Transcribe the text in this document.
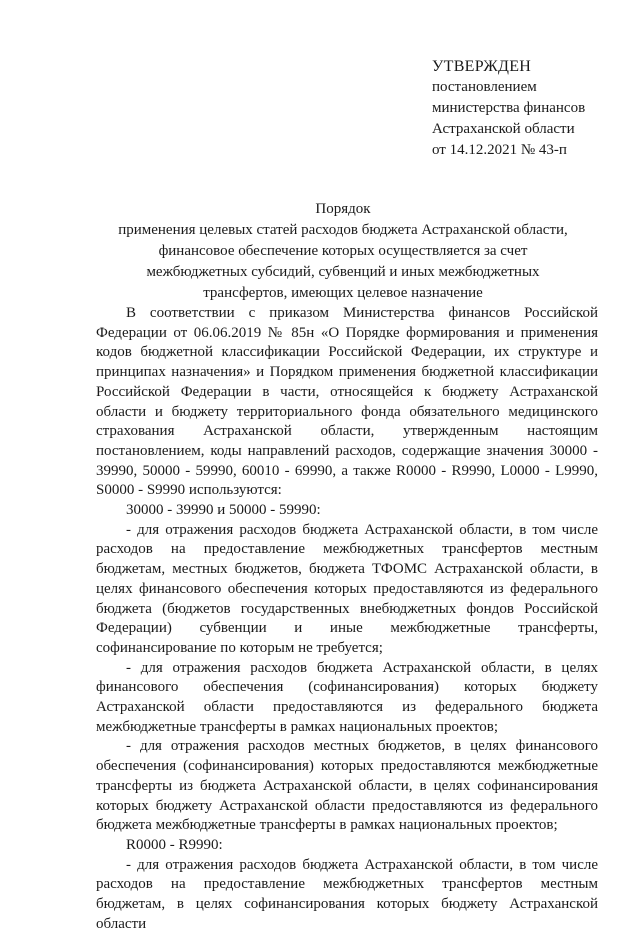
УТВЕРЖДЕН
постановлением
министерства финансов
Астраханской области
от 14.12.2021 № 43-п
Порядок
применения целевых статей расходов бюджета Астраханской области, финансовое обеспечение которых осуществляется за счет межбюджетных субсидий, субвенций и иных межбюджетных трансфертов, имеющих целевое назначение

В соответствии с приказом Министерства финансов Российской Федерации от 06.06.2019 № 85н «О Порядке формирования и применения кодов бюджетной классификации Российской Федерации, их структуре и принципах назначения» и Порядком применения бюджетной классификации Российской Федерации в части, относящейся к бюджету Астраханской области и бюджету территориального фонда обязательного медицинского страхования Астраханской области, утвержденным настоящим постановлением, коды направлений расходов, содержащие значения 30000 - 39990, 50000 - 59990, 60010 - 69990, а также R0000 - R9990, L0000 - L9990, S0000 - S9990 используются:

30000 - 39990 и 50000 - 59990:

- для отражения расходов бюджета Астраханской области, в том числе расходов на предоставление межбюджетных трансфертов местным бюджетам, местных бюджетов, бюджета ТФОМС Астраханской области, в целях финансового обеспечения которых предоставляются из федерального бюджета (бюджетов государственных внебюджетных фондов Российской Федерации) субвенции и иные межбюджетные трансферты, софинансирование по которым не требуется;

- для отражения расходов бюджета Астраханской области, в целях финансового обеспечения (софинансирования) которых бюджету Астраханской области предоставляются из федерального бюджета межбюджетные трансферты в рамках национальных проектов;

- для отражения расходов местных бюджетов, в целях финансового обеспечения (софинансирования) которых предоставляются межбюджетные трансферты из бюджета Астраханской области, в целях софинансирования которых бюджету Астраханской области предоставляются из федерального бюджета межбюджетные трансферты в рамках национальных проектов;

R0000 - R9990:

- для отражения расходов бюджета Астраханской области, в том числе расходов на предоставление межбюджетных трансфертов местным бюджетам, в целях софинансирования которых бюджету Астраханской области
